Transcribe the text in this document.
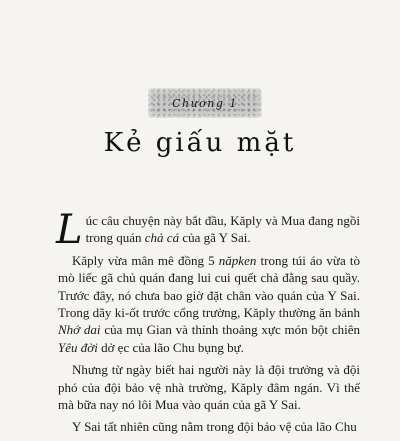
Chương 1
Kẻ giấu mặt

Lúc câu chuyện này bắt đầu, Kăply và Mua đang ngồi trong quán chả cá của gã Y Sai.

Kăply vừa mân mê đồng 5 năpken trong túi áo vừa tò mò liếc gã chủ quán đang lui cui quết chả đằng sau quầy. Trước đây, nó chưa bao giờ đặt chân vào quán của Y Sai. Trong dãy ki-ốt trước cổng trường, Kăply thường ăn bánh Nhớ dai của mụ Gian và thỉnh thoảng xực món bột chiên Yêu đời dở ẹc của lão Chu bụng bự.

Nhưng từ ngày biết hai người này là đội trưởng và đội phó của đội bảo vệ nhà trường, Kăply đâm ngán. Vì thế mà bữa nay nó lôi Mua vào quán của gã Y Sai.

Y Sai tất nhiên cũng nằm trong đội bảo vệ của lão Chu
